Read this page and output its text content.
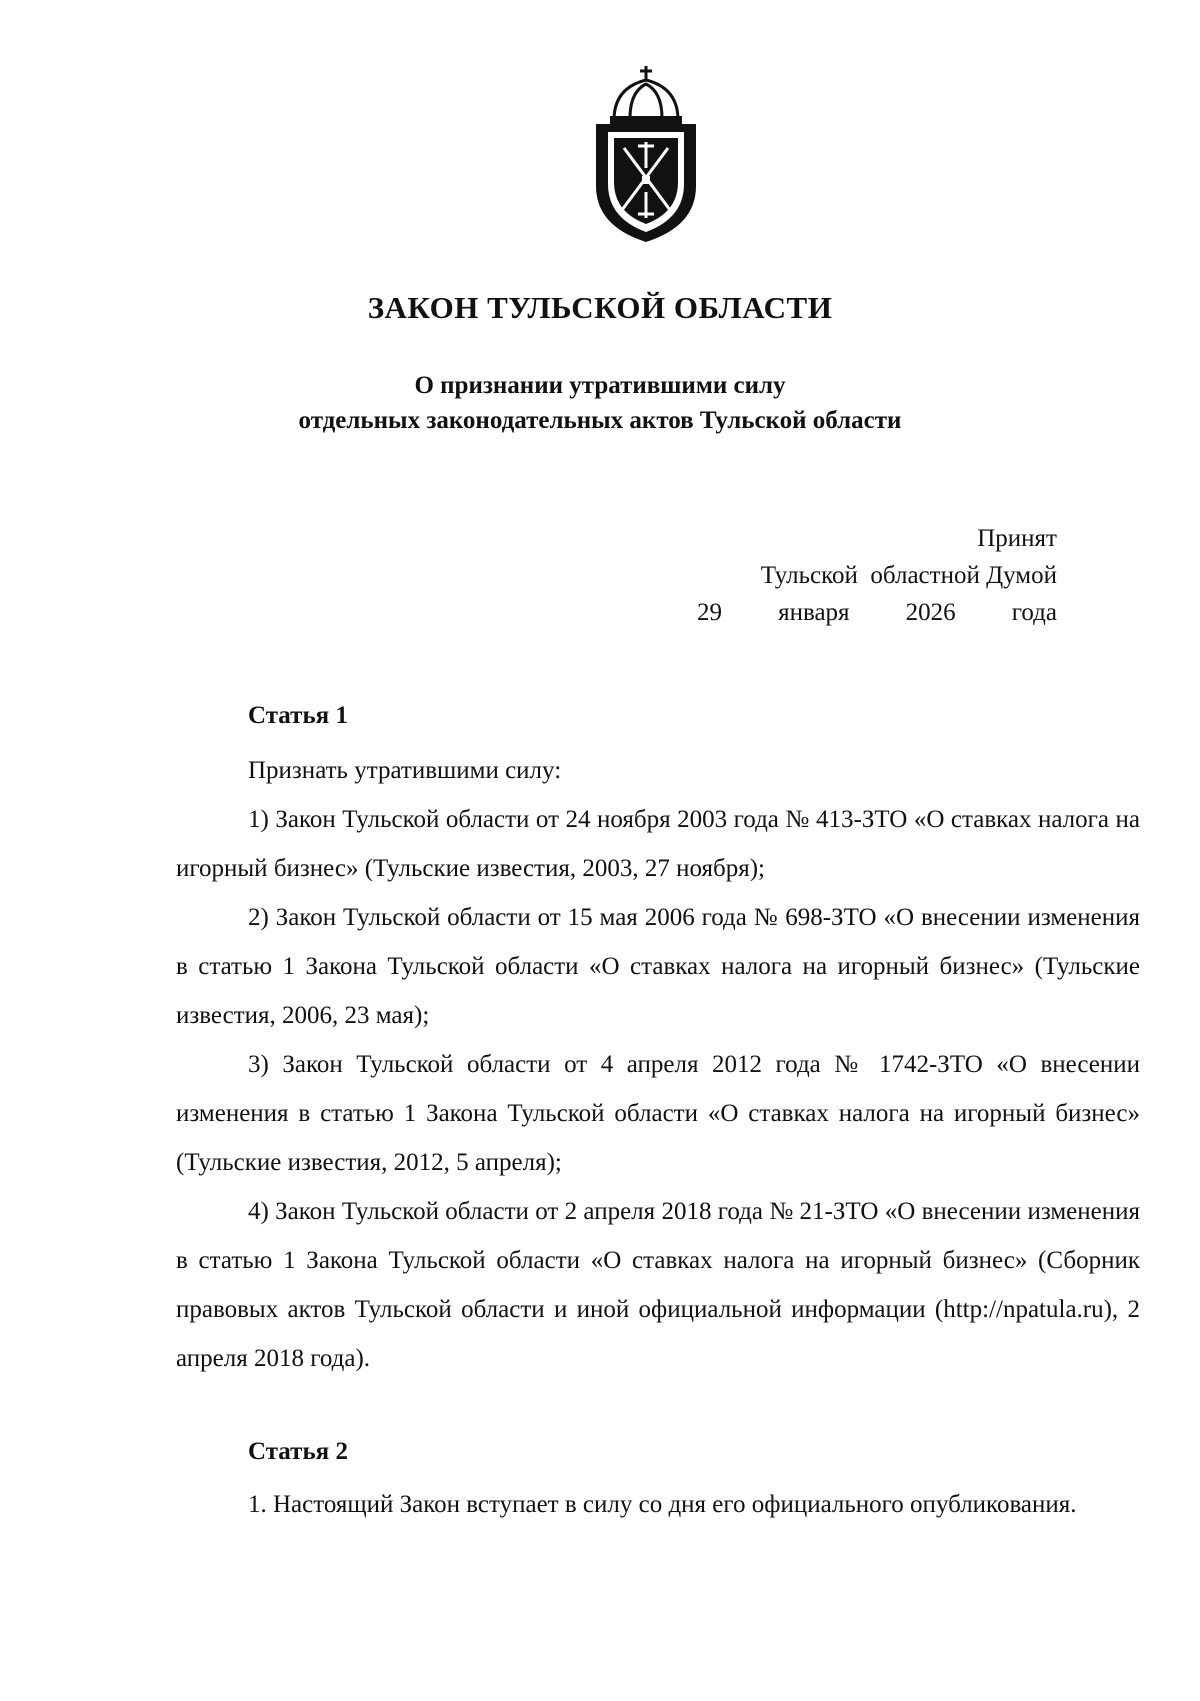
ЗАКОН ТУЛЬСКОЙ ОБЛАСТИ
О признании утратившими силу
отдельных законодательных актов Тульской области
Принят
Тульской  областной Думой
29 января 2026 года

Статья 1

Признать утратившими силу:

1) Закон Тульской области от 24 ноября 2003 года № 413-ЗТО «О ставках налога на игорный бизнес» (Тульские известия, 2003, 27 ноября);

2) Закон Тульской области от 15 мая 2006 года № 698-ЗТО «О внесении изменения в статью 1 Закона Тульской области «О ставках налога на игорный бизнес» (Тульские известия, 2006, 23 мая);

3) Закон Тульской области от 4 апреля 2012 года № 1742-ЗТО «О внесении изменения в статью 1 Закона Тульской области «О ставках налога на игорный бизнес» (Тульские известия, 2012, 5 апреля);

4) Закон Тульской области от 2 апреля 2018 года № 21-ЗТО «О внесении изменения в статью 1 Закона Тульской области «О ставках налога на игорный бизнес» (Сборник правовых актов Тульской области и иной официальной информации (http://npatula.ru), 2 апреля 2018 года).

Статья 2

1. Настоящий Закон вступает в силу со дня его официального опубликования.
